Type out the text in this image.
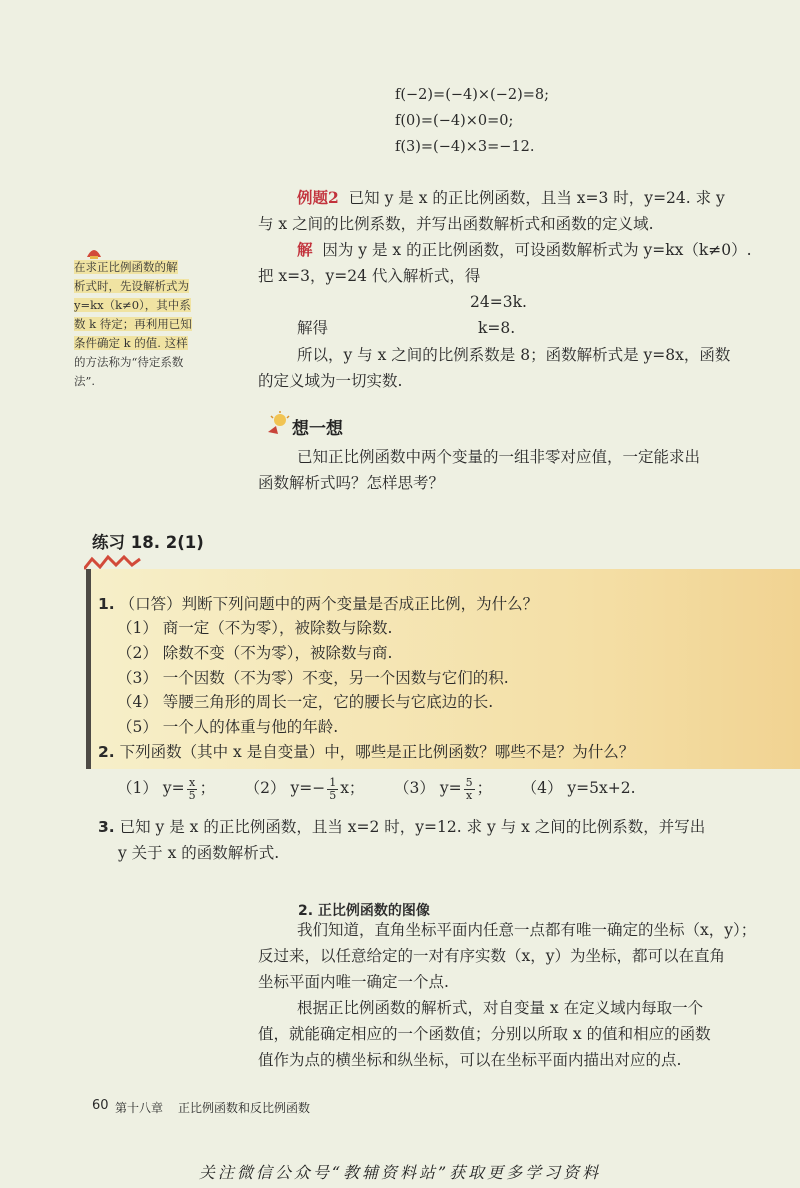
f(−2)=(−4)×(−2)=8;
f(0)=(−4)×0=0;
f(3)=(−4)×3=−12.
例题2 已知 y 是 x 的正比例函数，且当 x=3 时，y=24. 求 y
与 x 之间的比例系数，并写出函数解析式和函数的定义域.
解 因为 y 是 x 的正比例函数，可设函数解析式为 y=kx（k≠0）.
把 x=3，y=24 代入解析式，得
24=3k.
解得	k=8.
所以，y 与 x 之间的比例系数是 8；函数解析式是 y=8x，函数
的定义域为一切实数.
在求正比例函数的解
析式时，先设解析式为
y=kx（k≠0），其中系
数 k 待定；再利用已知
条件确定 k 的值. 这样
的方法称为“待定系数
法”.
想一想
已知正比例函数中两个变量的一组非零对应值，一定能求出
函数解析式吗？怎样思考？
练习 18. 2(1)
1. （口答）判断下列问题中的两个变量是否成正比例，为什么？
（1） 商一定（不为零），被除数与除数.
（2） 除数不变（不为零），被除数与商.
（3） 一个因数（不为零）不变，另一个因数与它们的积.
（4） 等腰三角形的周长一定，它的腰长与它底边的长.
（5） 一个人的体重与他的年龄.
2. 下列函数（其中 x 是自变量）中，哪些是正比例函数？哪些不是？为什么？
（1） $y= \frac{x}{5}$ ； （2） $y=- \frac{1}{5}$ x； （3） $y= \frac{5}{x}$ ； （4） y=5x+2.
3. 已知 y 是 x 的正比例函数，且当 x=2 时，y=12. 求 y 与 x 之间的比例系数，并写出
y 关于 x 的函数解析式.
2. 正比例函数的图像
我们知道，直角坐标平面内任意一点都有唯一确定的坐标（x，y）；
反过来，以任意给定的一对有序实数（x，y）为坐标，都可以在直角
坐标平面内唯一确定一个点.
根据正比例函数的解析式，对自变量 x 在定义域内每取一个
值，就能确定相应的一个函数值；分别以所取 x 的值和相应的函数
值作为点的横坐标和纵坐标，可以在坐标平面内描出对应的点.
60 第十八章 正比例函数和反比例函数
关注微信公众号“教辅资料站”获取更多学习资料
